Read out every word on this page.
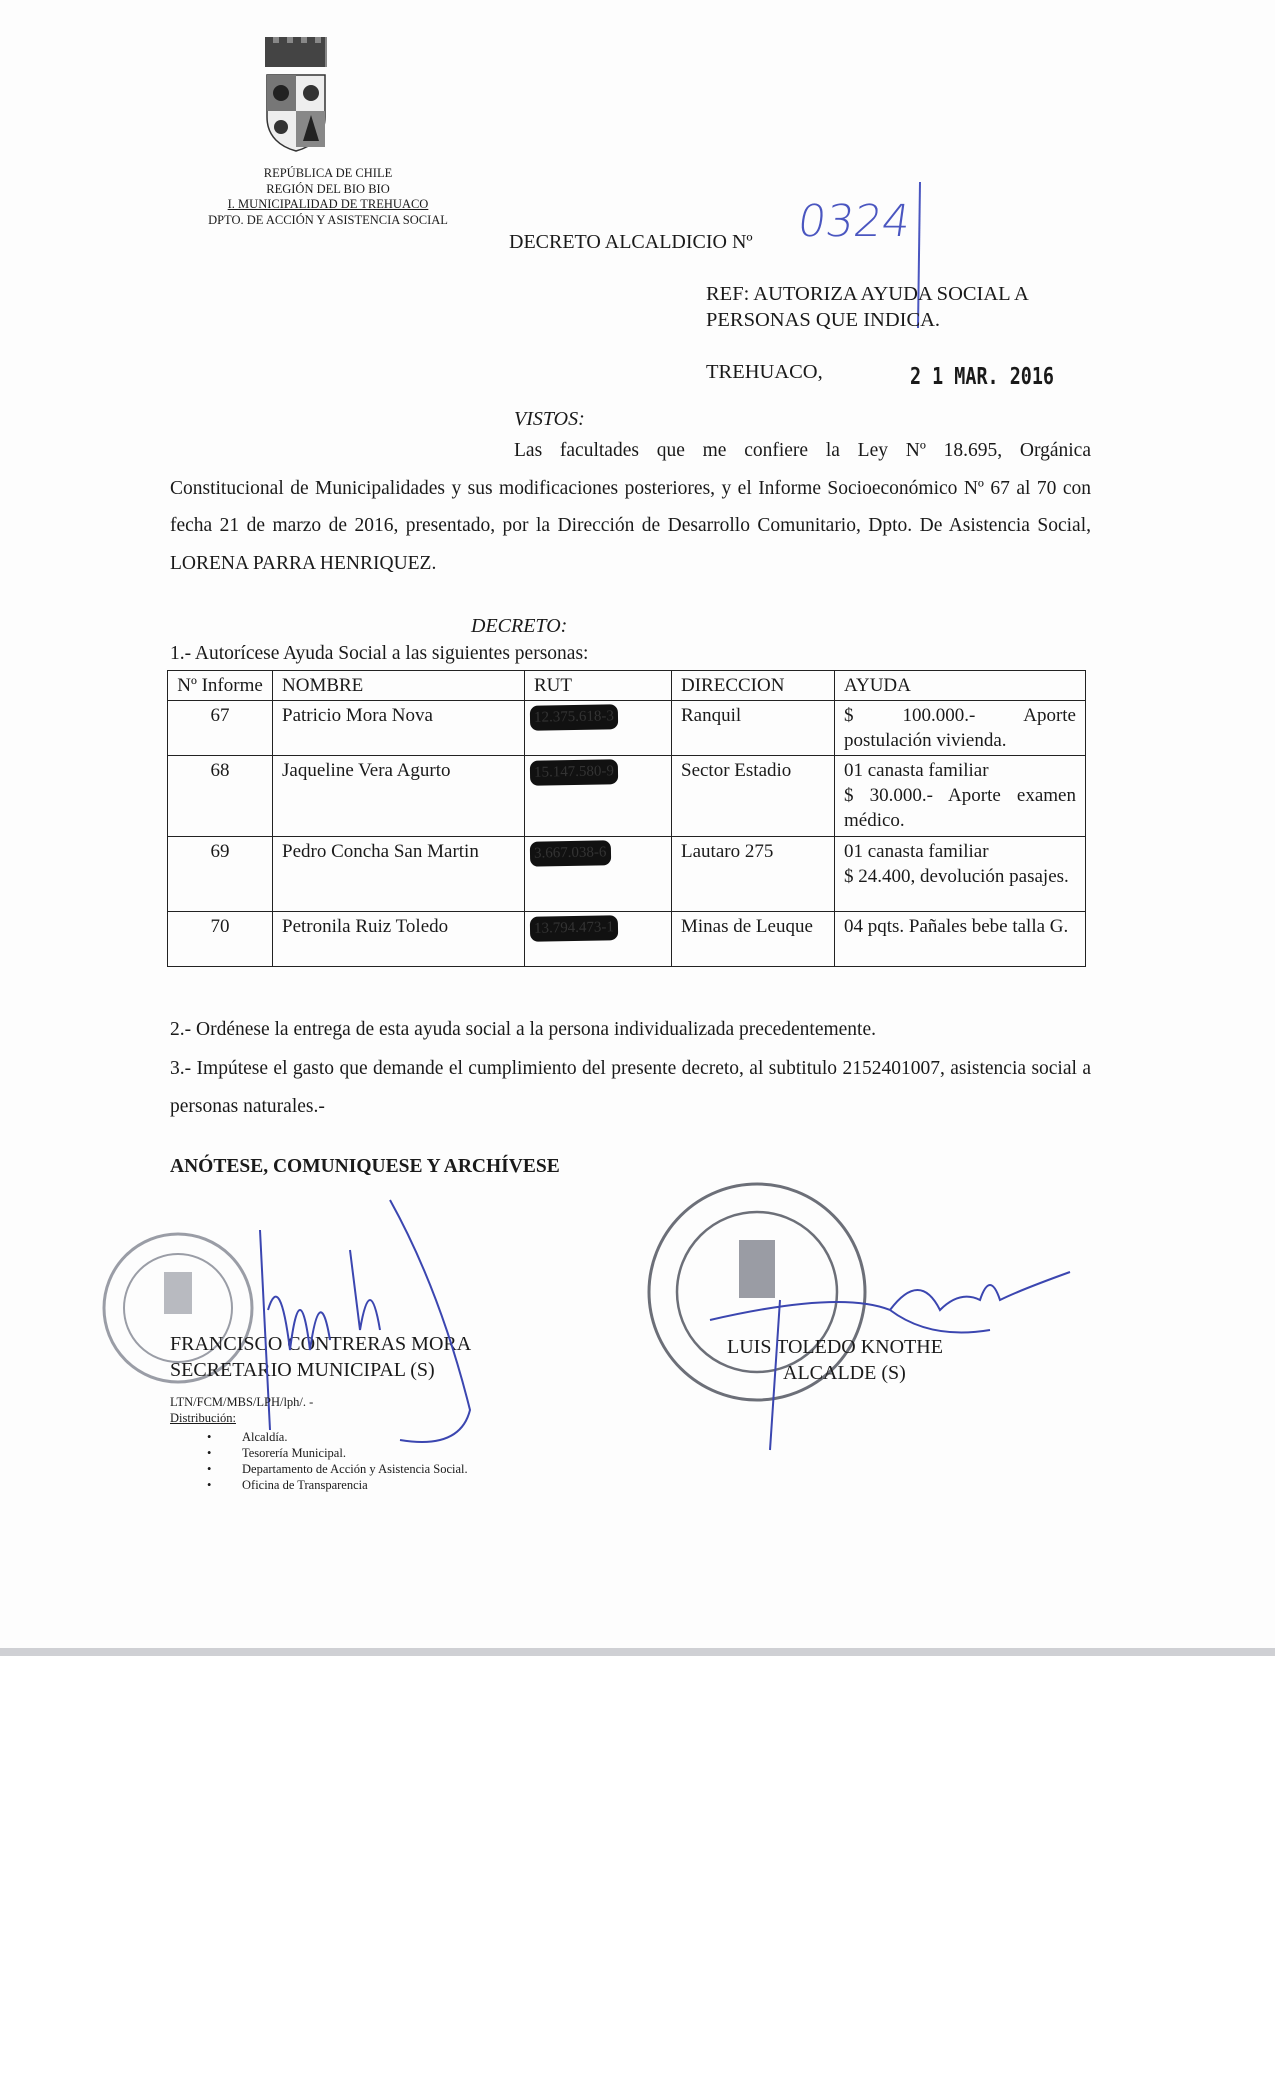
REPÚBLICA DE CHILE
REGIÓN DEL BIO BIO
I. MUNICIPALIDAD DE TREHUACO
DPTO. DE ACCIÓN Y ASISTENCIA SOCIAL
DECRETO ALCALDICIO Nº 0324
REF: AUTORIZA AYUDA SOCIAL A
PERSONAS QUE INDICA.
TREHUACO,	2 1 MAR. 2016
VISTOS:
Las facultades que me confiere la Ley Nº 18.695, Orgánica Constitucional de Municipalidades y sus modificaciones posteriores, y el Informe Socioeconómico Nº 67 al 70 con fecha 21 de marzo de 2016, presentado, por la Dirección de Desarrollo Comunitario, Dpto. De Asistencia Social, LORENA PARRA HENRIQUEZ.
DECRETO:
1.- Autorícese Ayuda Social a las siguientes personas:
Nº Informe	NOMBRE	RUT	DIRECCION	AYUDA
67	Patricio Mora Nova	12.375.618-3	Ranquil	$ 100.000.- Aporte postulación vivienda.
68	Jaqueline Vera Agurto	15.147.580-9	Sector Estadio	01 canasta familiar
$ 30.000.- Aporte examen médico.

69	Pedro Concha San Martin	3.667.038-6	Lautaro 275	01 canasta familiar
$ 24.400, devolución pasajes.

70	Petronila Ruiz Toledo	13.794.473-1	Minas de Leuque	04 pqts. Pañales bebe talla G.
2.- Ordénese la entrega de esta ayuda social a la persona individualizada precedentemente.
3.- Impútese el gasto que demande el cumplimiento del presente decreto, al subtitulo 2152401007, asistencia social a personas naturales.-
ANÓTESE, COMUNIQUESE Y ARCHÍVESE
FRANCISCO CONTRERAS MORA
SECRETARIO MUNICIPAL (S)
LUIS TOLEDO KNOTHE
ALCALDE (S)
LTN/FCM/MBS/LPH/lph/. -
Distribución:
• Alcaldía.
• Tesorería Municipal.
• Departamento de Acción y Asistencia Social.
• Oficina de Transparencia
